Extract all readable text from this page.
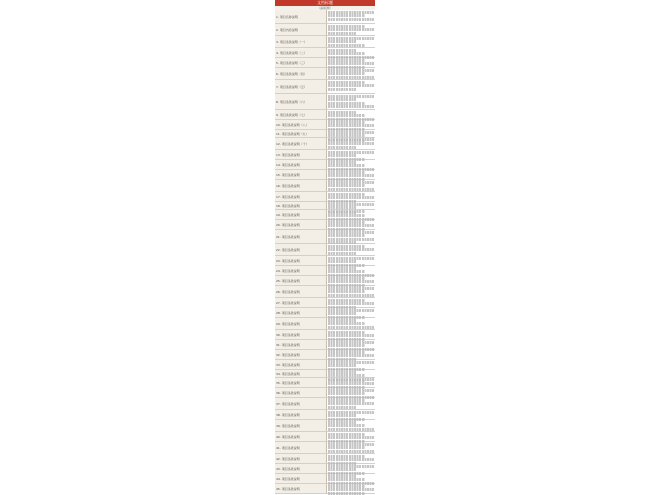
文档标题
（副标题）
1. 项目名称说明
2. 项目内容说明
3. 项目条款说明（一）
4. 项目条款说明（二）
5. 项目条款说明（三）
6. 项目条款说明（四）
7. 项目条款说明（五）
8. 项目条款说明（六）
9. 项目条款说明（七）
10. 项目条款说明（八）
11. 项目条款说明（九）
12. 项目条款说明（十）
13. 项目条款说明
14. 项目条款说明
15. 项目条款说明
16. 项目条款说明
17. 项目条款说明
18. 项目条款说明
19. 项目条款说明
20. 项目条款说明
21. 项目条款说明
22. 项目条款说明
23. 项目条款说明
24. 项目条款说明
25. 项目条款说明
26. 项目条款说明
27. 项目条款说明
28. 项目条款说明
29. 项目条款说明
30. 项目条款说明
31. 项目条款说明
32. 项目条款说明
33. 项目条款说明
34. 项目条款说明
35. 项目条款说明
36. 项目条款说明
37. 项目条款说明
38. 项目条款说明
39. 项目条款说明
40. 项目条款说明
41. 项目条款说明
42. 项目条款说明
43. 项目条款说明
44. 项目条款说明
45. 项目条款说明
